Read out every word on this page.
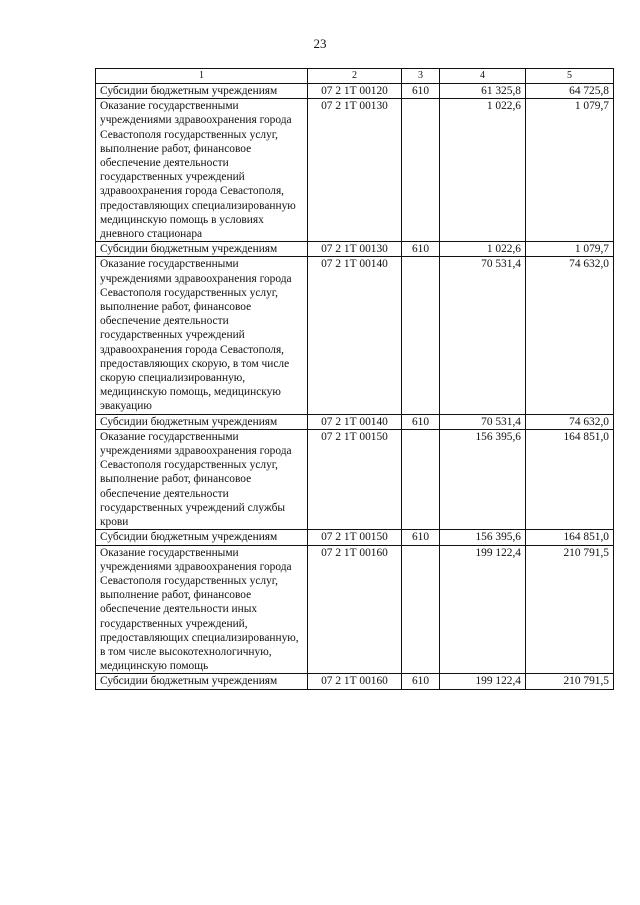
23
1	2	3	4	5
Субсидии бюджетным учреждениям	07 2 1Т 00120	610	61 325,8	64 725,8
Оказание государственными учреждениями здравоохранения города Севастополя государственных услуг, выполнение работ, финансовое обеспечение деятельности государственных учреждений здравоохранения города Севастополя, предоставляющих специализированную медицинскую помощь в условиях дневного стационара	07 2 1Т 00130		1 022,6	1 079,7
Субсидии бюджетным учреждениям	07 2 1Т 00130	610	1 022,6	1 079,7
Оказание государственными учреждениями здравоохранения города Севастополя государственных услуг, выполнение работ, финансовое обеспечение деятельности государственных учреждений здравоохранения города Севастополя, предоставляющих скорую, в том числе скорую специализированную, медицинскую помощь, медицинскую эвакуацию	07 2 1Т 00140		70 531,4	74 632,0
Субсидии бюджетным учреждениям	07 2 1Т 00140	610	70 531,4	74 632,0
Оказание государственными учреждениями здравоохранения города Севастополя государственных услуг, выполнение работ, финансовое обеспечение деятельности государственных учреждений службы крови	07 2 1Т 00150		156 395,6	164 851,0
Субсидии бюджетным учреждениям	07 2 1Т 00150	610	156 395,6	164 851,0
Оказание государственными учреждениями здравоохранения города Севастополя государственных услуг, выполнение работ, финансовое обеспечение деятельности иных государственных учреждений, предоставляющих специализированную, в том числе высокотехнологичную, медицинскую помощь	07 2 1Т 00160		199 122,4	210 791,5
Субсидии бюджетным учреждениям	07 2 1Т 00160	610	199 122,4	210 791,5
